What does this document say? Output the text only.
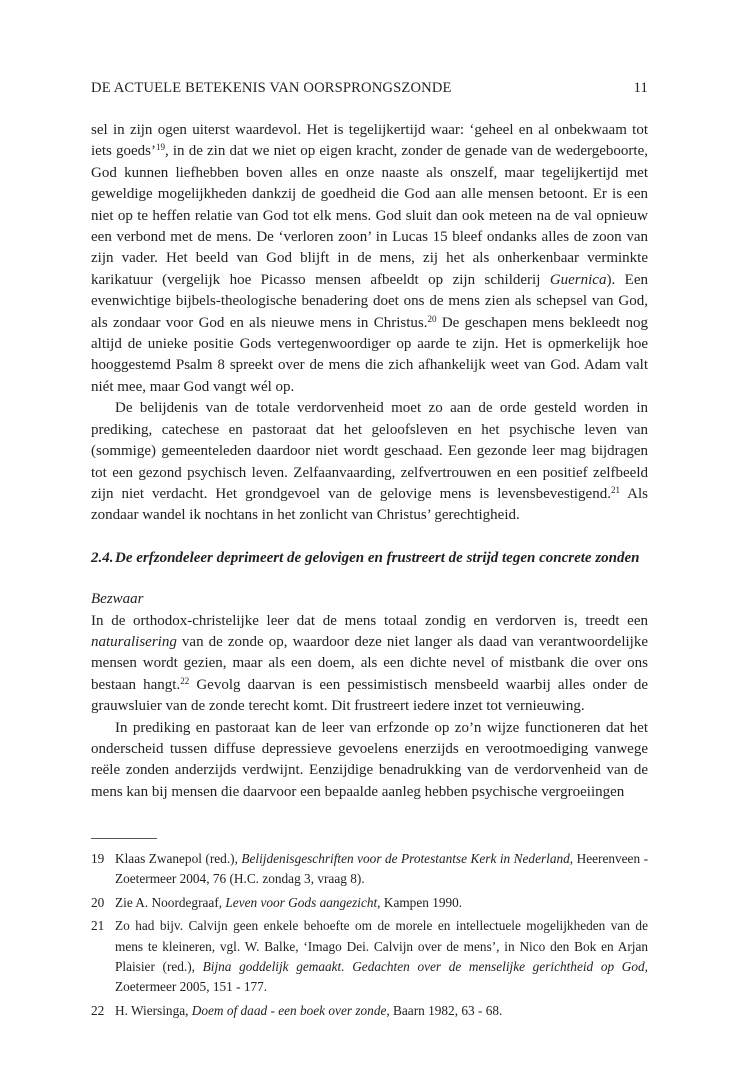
DE ACTUELE BETEKENIS VAN OORSPRONGSZONDE	11

sel in zijn ogen uiterst waardevol. Het is tegelijkertijd waar: ‘geheel en al onbekwaam tot iets goeds’$^{19}$, in de zin dat we niet op eigen kracht, zonder de genade van de wedergeboorte, God kunnen liefhebben boven alles en onze naaste als onszelf, maar tegelijkertijd met geweldige mogelijkheden dankzij de goedheid die God aan alle mensen betoont. Er is een niet op te heffen relatie van God tot elk mens. God sluit dan ook meteen na de val opnieuw een verbond met de mens. De ‘verloren zoon’ in Lucas 15 bleef ondanks alles de zoon van zijn vader. Het beeld van God blijft in de mens, zij het als onherkenbaar verminkte karikatuur (vergelijk hoe Picasso mensen afbeeldt op zijn schilderij Guernica). Een evenwichtige bijbels-theologische benadering doet ons de mens zien als schepsel van God, als zondaar voor God en als nieuwe mens in Christus.$^{20}$ De geschapen mens bekleedt nog altijd de unieke positie Gods vertegenwoordiger op aarde te zijn. Het is opmerkelijk hoe hooggestemd Psalm 8 spreekt over de mens die zich afhankelijk weet van God. Adam valt niét mee, maar God vangt wél op.

De belijdenis van de totale verdorvenheid moet zo aan de orde gesteld worden in prediking, catechese en pastoraat dat het geloofsleven en het psychische leven van (sommige) gemeenteleden daardoor niet wordt geschaad. Een gezonde leer mag bijdragen tot een gezond psychisch leven. Zelfaanvaarding, zelfvertrouwen en een positief zelfbeeld zijn niet verdacht. Het grondgevoel van de gelovige mens is levensbevestigend.$^{21}$ Als zondaar wandel ik nochtans in het zonlicht van Christus’ gerechtigheid.

2.4. De erfzondeleer deprimeert de gelovigen en frustreert de strijd tegen concrete zonden
Bezwaar

In de orthodox-christelijke leer dat de mens totaal zondig en verdorven is, treedt een naturalisering van de zonde op, waardoor deze niet langer als daad van verantwoordelijke mensen wordt gezien, maar als een doem, als een dichte nevel of mistbank die over ons bestaan hangt.$^{22}$ Gevolg daarvan is een pessimistisch mensbeeld waarbij alles onder de grauwsluier van de zonde terecht komt. Dit frustreert iedere inzet tot vernieuwing.

In prediking en pastoraat kan de leer van erfzonde op zo’n wijze functioneren dat het onderscheid tussen diffuse depressieve gevoelens enerzijds en verootmoediging vanwege reële zonden anderzijds verdwijnt. Eenzijdige benadrukking van de verdorvenheid van de mens kan bij mensen die daarvoor een bepaalde aanleg hebben psychische vergroeiingen

19 Klaas Zwanepol (red.), Belijdenisgeschriften voor de Protestantse Kerk in Nederland, Heerenveen - Zoetermeer 2004, 76 (H.C. zondag 3, vraag 8).
20 Zie A. Noordegraaf, Leven voor Gods aangezicht, Kampen 1990.
21 Zo had bijv. Calvijn geen enkele behoefte om de morele en intellectuele mogelijkheden van de mens te kleineren, vgl. W. Balke, ‘Imago Dei. Calvijn over de mens’, in Nico den Bok en Arjan Plaisier (red.), Bijna goddelijk gemaakt. Gedachten over de menselijke gerichtheid op God, Zoetermeer 2005, 151 - 177.
22 H. Wiersinga, Doem of daad - een boek over zonde, Baarn 1982, 63 - 68.
